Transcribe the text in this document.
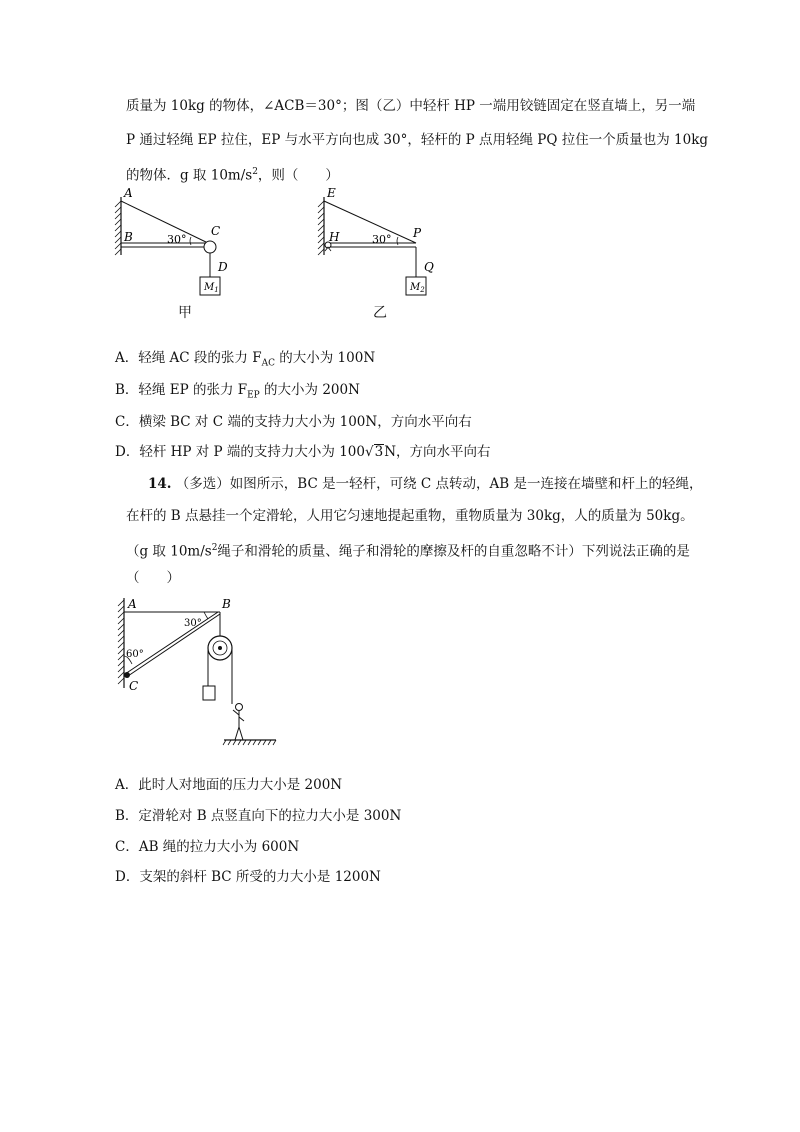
质量为 10kg 的物体，∠ACB＝30°；图（乙）中轻杆 HP 一端用铰链固定在竖直墙上，另一端
P 通过轻绳 EP 拉住，EP 与水平方向也成 30°，轻杆的 P 点用轻绳 PQ 拉住一个质量也为 10kg
的物体．g 取 $10m/s^2$，则（　　）
A
B	C
D
30°
$M_1$
甲
E
H	P
Q
30°
$M_2$
乙
A．轻绳 AC 段的张力 $F_{AC}$ 的大小为 100N
B．轻绳 EP 的张力 $F_{EP}$ 的大小为 200N
C．横梁 BC 对 C 端的支持力大小为 100N，方向水平向右
D．轻杆 HP 对 P 端的支持力大小为 100√3N，方向水平向右
14. （多选）如图所示，BC 是一轻杆，可绕 C 点转动，AB 是一连接在墙壁和杆上的轻绳，
在杆的 B 点悬挂一个定滑轮，人用它匀速地提起重物，重物质量为 30kg，人的质量为 50kg。
（g 取 $10m/s^2$绳子和滑轮的质量、绳子和滑轮的摩擦及杆的自重忽略不计）下列说法正确的是
（　　）
A	B
C
30°
60°
A．此时人对地面的压力大小是 200N
B．定滑轮对 B 点竖直向下的拉力大小是 300N
C．AB 绳的拉力大小为 600N
D．支架的斜杆 BC 所受的力大小是 1200N
